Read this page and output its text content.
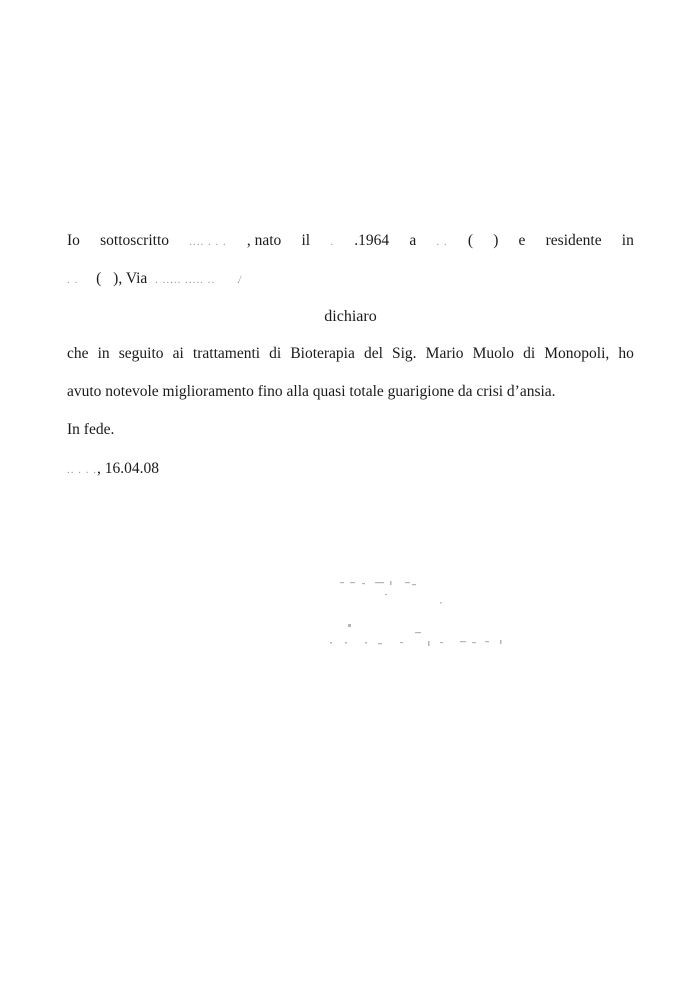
Io sottoscritto .... . . . , nato il . .1964 a . . ( ) e residente in
. . ( ), Via . ..... ..... .. .̸
dichiaro
che in seguito ai trattamenti di Bioterapia del Sig. Mario Muolo di Monopoli, ho
avuto notevole miglioramento fino alla quasi totale guarigione da crisi d’ansia.
In fede.
.. . . ., 16.04.08
